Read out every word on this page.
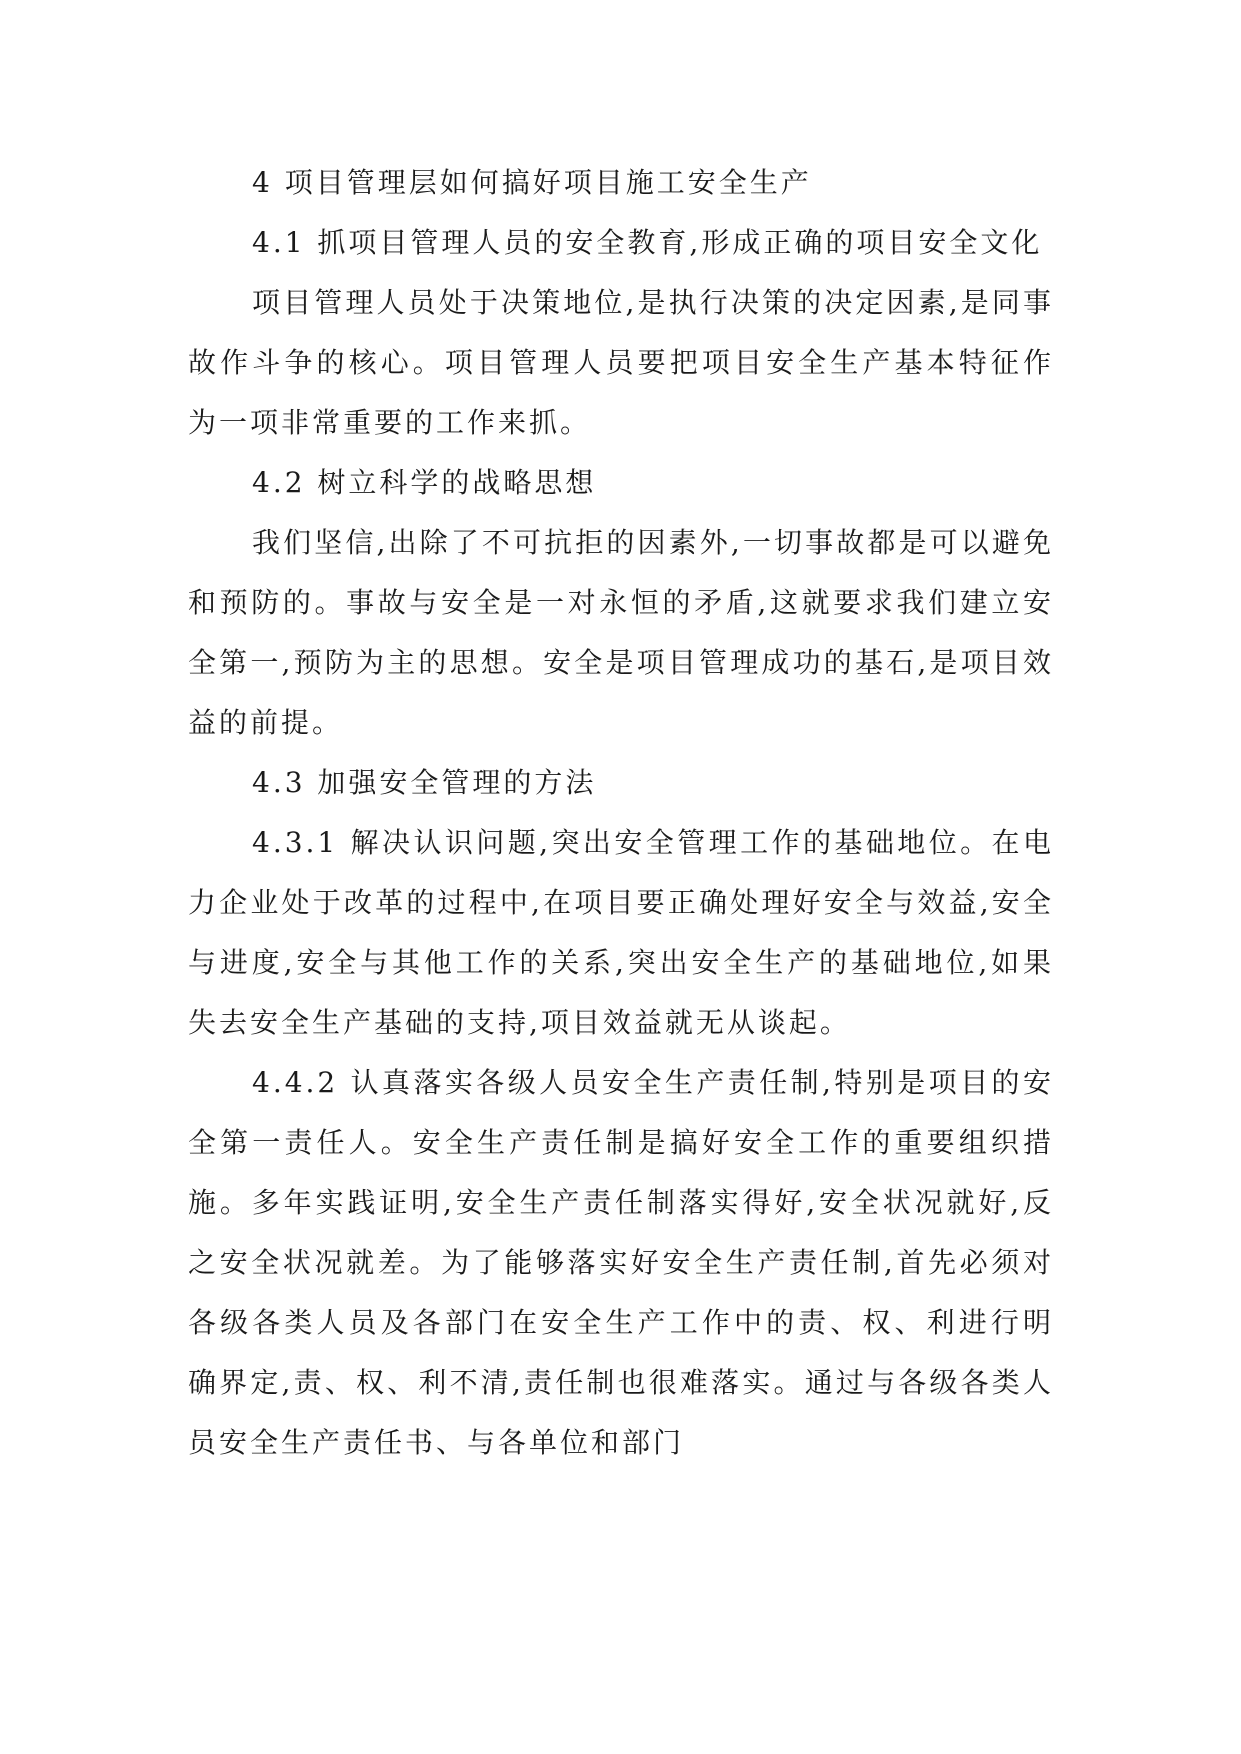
4 项目管理层如何搞好项目施工安全生产

4.1 抓项目管理人员的安全教育,形成正确的项目安全文化

项目管理人员处于决策地位,是执行决策的决定因素,是同事故作斗争的核心。项目管理人员要把项目安全生产基本特征作为一项非常重要的工作来抓。

4.2 树立科学的战略思想

我们坚信,出除了不可抗拒的因素外,一切事故都是可以避免和预防的。事故与安全是一对永恒的矛盾,这就要求我们建立安全第一,预防为主的思想。安全是项目管理成功的基石,是项目效益的前提。

4.3 加强安全管理的方法

4.3.1 解决认识问题,突出安全管理工作的基础地位。在电力企业处于改革的过程中,在项目要正确处理好安全与效益,安全与进度,安全与其他工作的关系,突出安全生产的基础地位,如果失去安全生产基础的支持,项目效益就无从谈起。

4.4.2 认真落实各级人员安全生产责任制,特别是项目的安全第一责任人。安全生产责任制是搞好安全工作的重要组织措施。多年实践证明,安全生产责任制落实得好,安全状况就好,反之安全状况就差。为了能够落实好安全生产责任制,首先必须对各级各类人员及各部门在安全生产工作中的责、权、利进行明确界定,责、权、利不清,责任制也很难落实。通过与各级各类人员安全生产责任书、与各单位和部门
